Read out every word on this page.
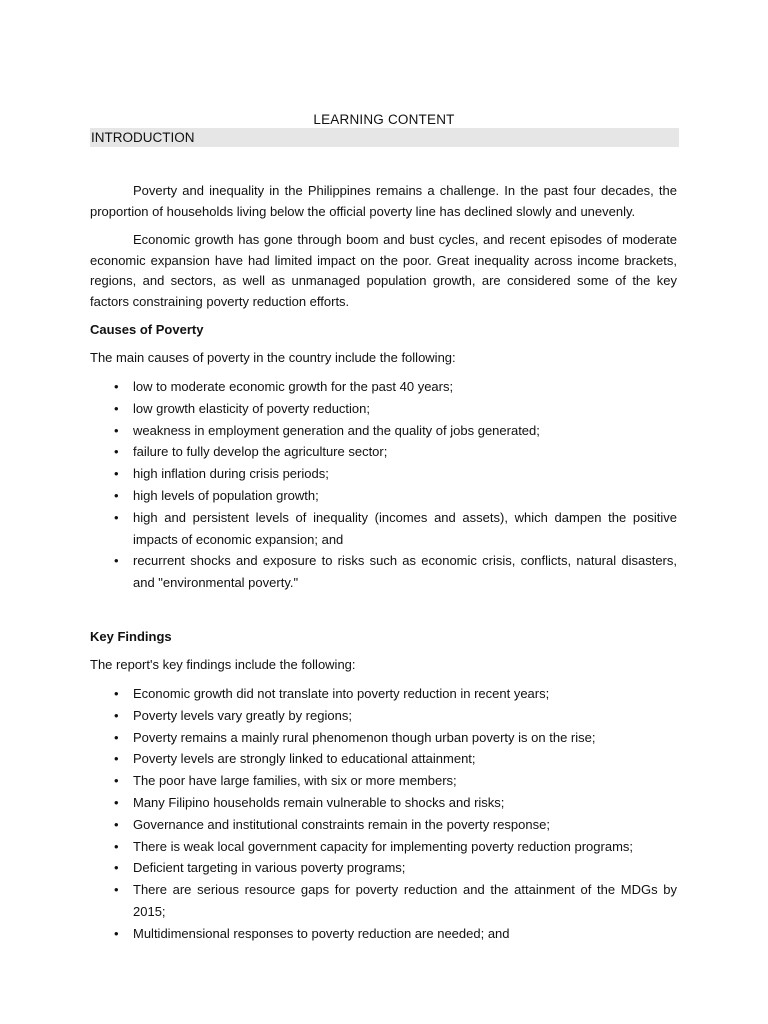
LEARNING CONTENT
INTRODUCTION

Poverty and inequality in the Philippines remains a challenge. In the past four decades, the proportion of households living below the official poverty line has declined slowly and unevenly.

Economic growth has gone through boom and bust cycles, and recent episodes of moderate economic expansion have had limited impact on the poor. Great inequality across income brackets, regions, and sectors, as well as unmanaged population growth, are considered some of the key factors constraining poverty reduction efforts.

Causes of Poverty

The main causes of poverty in the country include the following:

• low to moderate economic growth for the past 40 years;
• low growth elasticity of poverty reduction;
• weakness in employment generation and the quality of jobs generated;
• failure to fully develop the agriculture sector;
• high inflation during crisis periods;
• high levels of population growth;
• high and persistent levels of inequality (incomes and assets), which dampen the positive impacts of economic expansion; and
• recurrent shocks and exposure to risks such as economic crisis, conflicts, natural disasters, and "environmental poverty."
Key Findings

The report's key findings include the following:

• Economic growth did not translate into poverty reduction in recent years;
• Poverty levels vary greatly by regions;
• Poverty remains a mainly rural phenomenon though urban poverty is on the rise;
• Poverty levels are strongly linked to educational attainment;
• The poor have large families, with six or more members;
• Many Filipino households remain vulnerable to shocks and risks;
• Governance and institutional constraints remain in the poverty response;
• There is weak local government capacity for implementing poverty reduction programs;
• Deficient targeting in various poverty programs;
• There are serious resource gaps for poverty reduction and the attainment of the MDGs by 2015;
• Multidimensional responses to poverty reduction are needed; and
